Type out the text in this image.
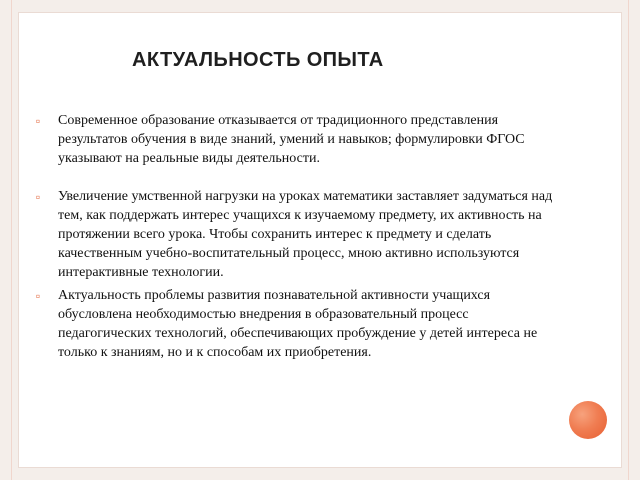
АКТУАЛЬНОСТЬ ОПЫТА
▫ Современное образование отказывается от традиционного представления результатов обучения в виде знаний, умений и навыков; формулировки ФГОС указывают на реальные виды деятельности.
▫ Увеличение умственной нагрузки на уроках математики заставляет задуматься над тем, как поддержать интерес учащихся к изучаемому предмету, их активность на протяжении всего урока. Чтобы сохранить интерес к предмету и сделать качественным учебно-воспитательный процесс, мною активно используются интерактивные технологии.
▫ Актуальность проблемы развития познавательной активности учащихся обусловлена необходимостью внедрения в образовательный процесс педагогических технологий, обеспечивающих пробуждение у детей интереса не только к знаниям, но и к способам их приобретения.
